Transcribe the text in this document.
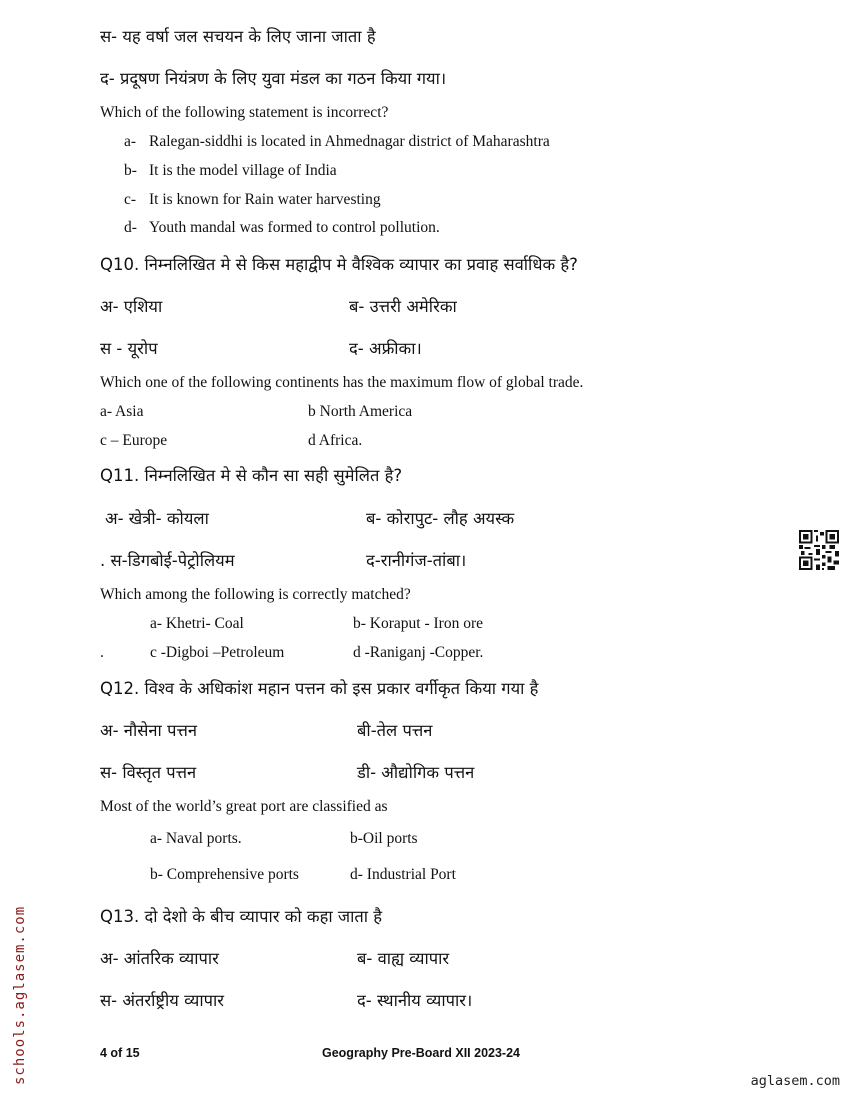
स- यह वर्षा जल सचयन के लिए जाना जाता है
द- प्रदूषण नियंत्रण के लिए युवा मंडल का गठन किया गया।
Which of the following statement is incorrect?
a- Ralegan-siddhi is located in Ahmednagar district of Maharashtra
b- It is the model village of India
c- It is known for Rain water harvesting
d- Youth mandal was formed to control pollution.
Q10. निम्नलिखित मे से किस महाद्वीप मे वैश्विक व्यापार का प्रवाह सर्वाधिक है?
अ- एशिया	ब- उत्तरी अमेरिका
स - यूरोप	द- अफ्रीका।
Which one of the following continents has the maximum flow of global trade.
a- Asia	b North America
c – Europe	d Africa.
Q11. निम्नलिखित मे से कौन सा सही सुमेलित है?
अ- खेत्री- कोयला	ब- कोरापुट- लौह अयस्क
. स-डिगबोई-पेट्रोलियम	द-रानीगंज-तांबा।
Which among the following is correctly matched?
a- Khetri- Coal	b- Koraput - Iron ore
.	c -Digboi –Petroleum	d -Raniganj -Copper.
Q12. विश्व के अधिकांश महान पत्तन को इस प्रकार वर्गीकृत किया गया है
अ- नौसेना पत्तन	बी-तेल पत्तन
स- विस्तृत पत्तन	डी- औद्योगिक पत्तन
Most of the world’s great port are classified as
a- Naval ports.	b-Oil ports
b- Comprehensive ports	d- Industrial Port
Q13. दो देशो के बीच व्यापार को कहा जाता है
अ- आंतरिक व्यापार	ब- वाह्य व्यापार
स- अंतर्राष्ट्रीय व्यापार	द- स्थानीय व्यापार।
4 of 15	Geography Pre-Board XII 2023-24
schools.aglasem.com	aglasem.com
